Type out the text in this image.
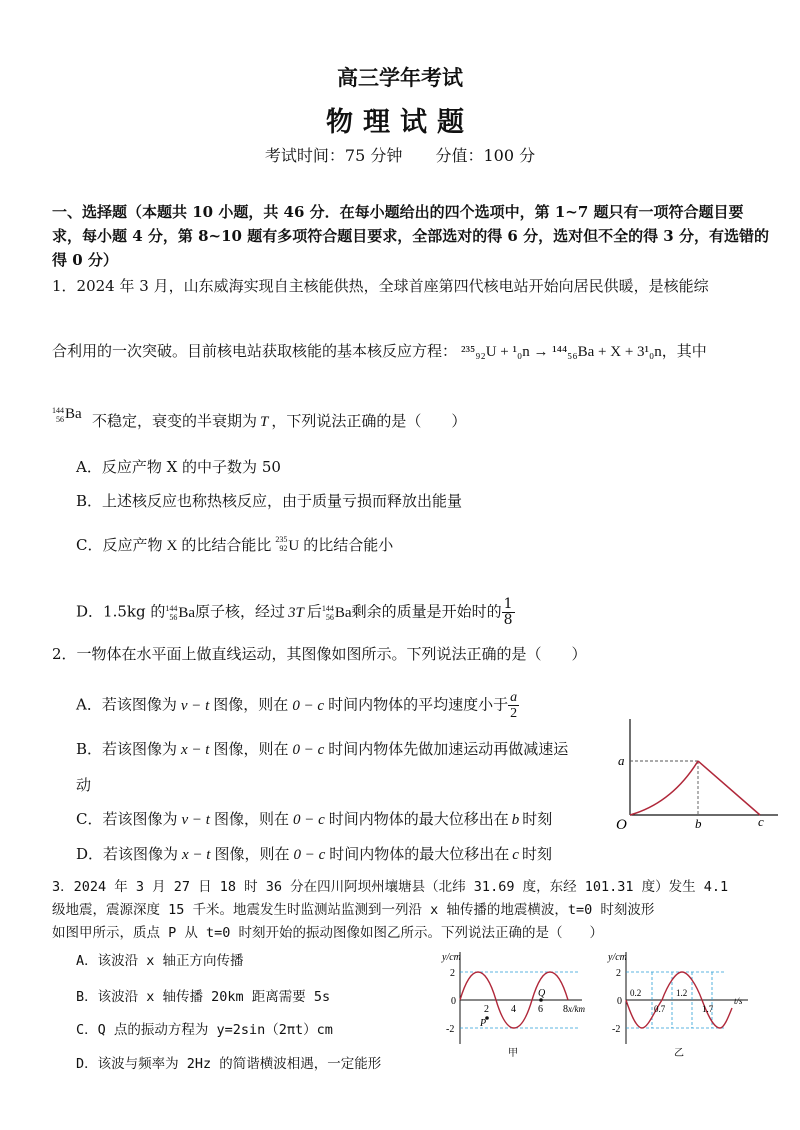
高三学年考试
物理试题
考试时间：75 分钟 分值：100 分
一、选择题（本题共 10 小题，共 46 分．在每小题给出的四个选项中，第 1~7 题只有一项符合题目要求，每小题 4 分，第 8~10 题有多项符合题目要求，全部选对的得 6 分，选对但不全的得 3 分，有选错的得 0 分）
1．2024 年 3 月，山东威海实现自主核能供热，全球首座第四代核电站开始向居民供暖，是核能综
合利用的一次突破。目前核电站获取核能的基本核反应方程： ²³⁵₉₂U + ¹₀n → ¹⁴⁴₅₆Ba + X + 3¹₀n，其中
144
56Ba 不稳定，衰变的半衰期为 T ，下列说法正确的是（　　）
A．反应产物 X 的中子数为 50
B．上述核反应也称热核反应，由于质量亏损而释放出能量
C．反应产物 X 的比结合能比 235
92U 的比结合能小
D．1.5kg 的144
56Ba原子核，经过 3T 后144
56Ba剩余的质量是开始时的 $\frac{1}{8}$
2．一物体在水平面上做直线运动，其图像如图所示。下列说法正确的是（　　）
A．若该图像为 v − t 图像，则在 0 − c 时间内物体的平均速度小于 $\frac{a}{2}$
B．若该图像为 x − t 图像，则在 0 − c 时间内物体先做加速运动再做减速运
动
C．若该图像为 v − t 图像，则在 0 − c 时间内物体的最大位移出在 b 时刻
D．若该图像为 x − t 图像，则在 0 − c 时间内物体的最大位移出在 c 时刻
O
a
b	c
3．2024 年 3 月 27 日 18 时 36 分在四川阿坝州壤塘县（北纬 31.69 度，东经 101.31 度）发生 4.1
级地震，震源深度 15 千米。地震发生时监测站监测到一列沿 x 轴传播的地震横波，t=0 时刻波形
如图甲所示，质点 P 从 t=0 时刻开始的振动图像如图乙所示。下列说法正确的是（　　）
A．该波沿 x 轴正方向传播
B．该波沿 x 轴传播 20km 距离需要 5s
C．Q 点的振动方程为 y=2sin（2πt）cm
D．该波与频率为 2Hz 的简谐横波相遇，一定能形
y/cm
2
-2
0
2 4 6 8 x/km
P
Q
甲
y/cm
2
-2
0
0.2
0.7
1.2
1.7
t/s
乙
